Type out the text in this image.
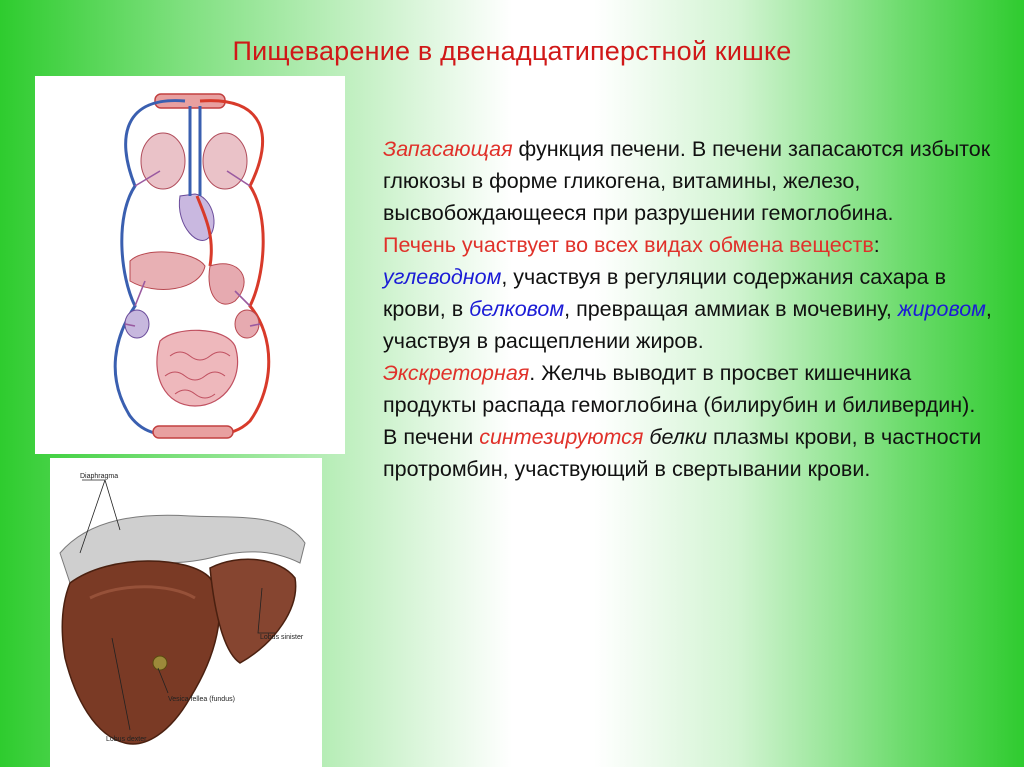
Пищеварение в двенадцатиперстной кишке
Diaphragma
Lobus sinister
Vesica fellea (fundus)
Lobus dexter

Запасающая функция печени. В печени запасаются избыток глюкозы в форме гликогена, витамины, железо, высвобождающееся при разрушении гемоглобина.

Печень участвует во всех видах обмена веществ: углеводном, участвуя в регуляции содержания сахара в крови, в белковом, превращая аммиак в мочевину, жировом, участвуя в расщеплении жиров.

Экскреторная. Желчь выводит в просвет кишечника продукты распада гемоглобина (билирубин и биливердин).

В печени синтезируются белки плазмы крови, в частности протромбин, участвующий в свертывании крови.
